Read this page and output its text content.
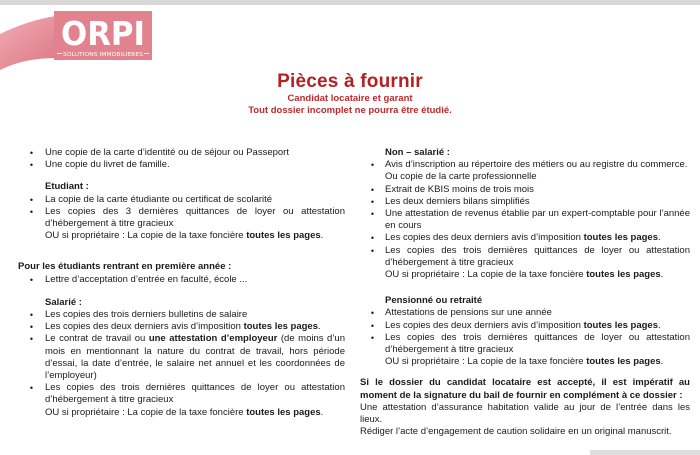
ORPI
SOLUTIONS IMMOBILIERES
Pièces à fournir
Candidat locataire et garant
Tout dossier incomplet ne pourra être étudié.
•	Une copie de la carte d’identité ou de séjour ou Passeport
•	Une copie du livret de famille.
Etudiant :
•	La copie de la carte étudiante ou certificat de scolarité
•	Les copies des 3 dernières quittances de loyer ou attestation d’hébergement à titre gracieux
OU si propriétaire : La copie de la taxe foncière toutes les pages.
Pour les étudiants rentrant en première année :
•	Lettre d’acceptation d’entrée en faculté, école ...
Salarié :
•	Les copies des trois derniers bulletins de salaire
•	Les copies des deux derniers avis d’imposition toutes les pages.
•	Le contrat de travail ou une attestation d’employeur (de moins d’un mois en mentionnant la nature du contrat de travail, hors période d’essai, la date d’entrée, le salaire net annuel et les coordonnées de l’employeur)
•	Les copies des trois dernières quittances de loyer ou attestation d’hébergement à titre gracieux
OU si propriétaire : La copie de la taxe foncière toutes les pages.
Non – salarié :
•	Avis d’inscription au répertoire des métiers ou au registre du commerce.
Ou copie de la carte professionnelle
•	Extrait de KBIS moins de trois mois
•	Les deux derniers bilans simplifiés
•	Une attestation de revenus établie par un expert-comptable pour l’année en cours
•	Les copies des deux derniers avis d’imposition toutes les pages.
•	Les copies des trois dernières quittances de loyer ou attestation d’hébergement à titre gracieux
OU si propriétaire : La copie de la taxe foncière toutes les pages.
Pensionné ou retraité
•	Attestations de pensions sur une année
•	Les copies des deux derniers avis d’imposition toutes les pages.
•	Les copies des trois dernières quittances de loyer ou attestation d’hébergement à titre gracieux
OU si propriétaire : La copie de la taxe foncière toutes les pages.
Si le dossier du candidat locataire est accepté, il est impératif au moment de la signature du bail de fournir en complément à ce dossier :
Une attestation d’assurance habitation valide au jour de l’entrée dans les lieux.
Rédiger l’acte d’engagement de caution solidaire en un original manuscrit.
